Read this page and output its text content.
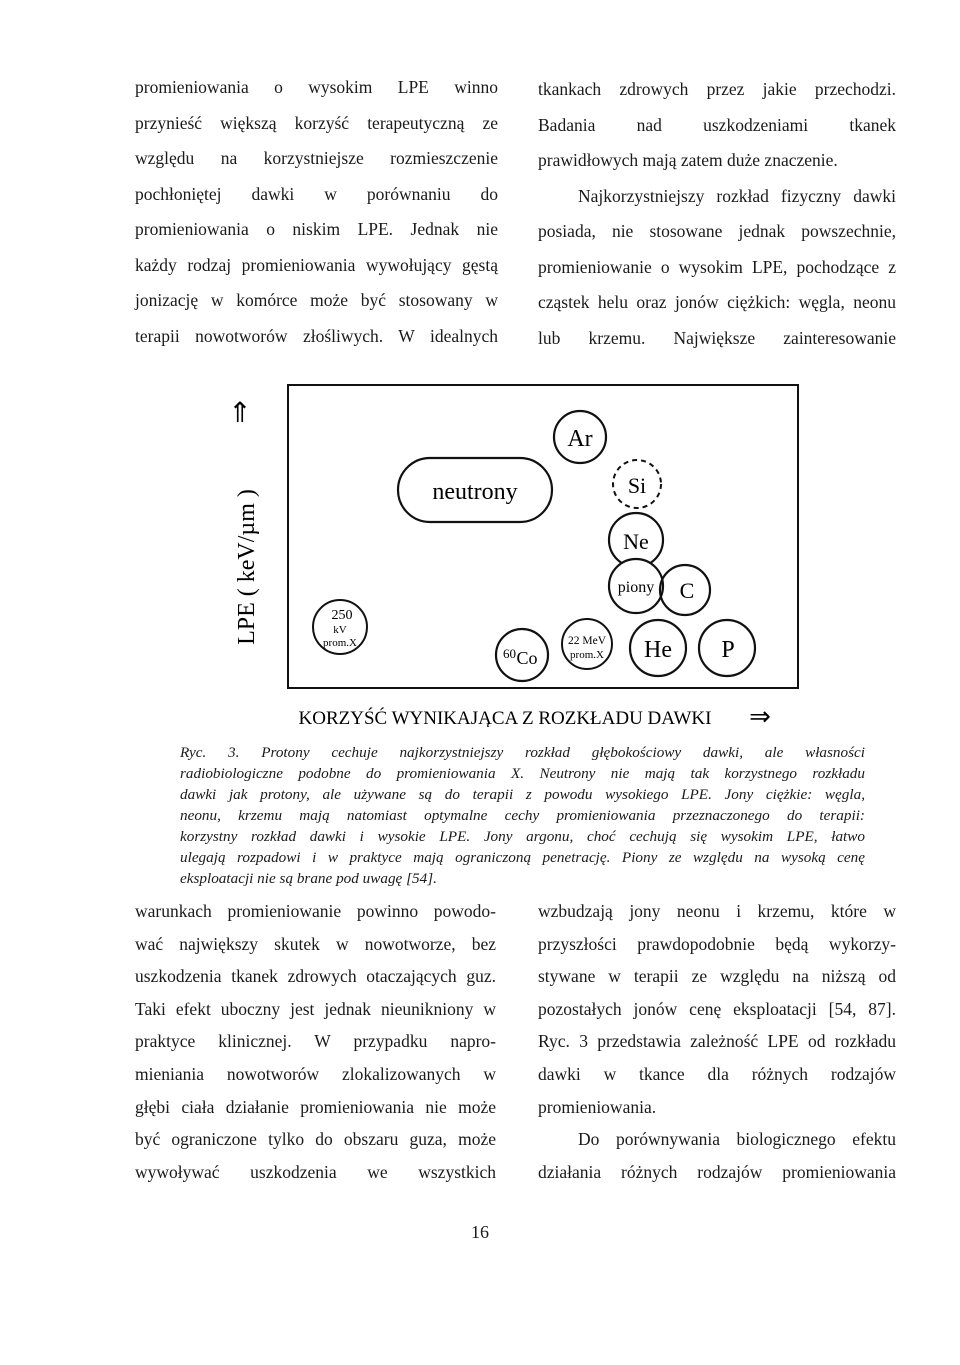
promieniowania o wysokim LPE winno
przynieść większą korzyść terapeutyczną ze
względu na korzystniejsze rozmieszczenie
pochłoniętej dawki w porównaniu do
promieniowania o niskim LPE. Jednak nie
każdy rodzaj promieniowania wywołujący gęstą
jonizację w komórce może być stosowany w
terapii nowotworów złośliwych. W idealnych
tkankach zdrowych przez jakie przechodzi.
Badania nad uszkodzeniami tkanek
prawidłowych mają zatem duże znaczenie.
Najkorzystniejszy rozkład fizyczny dawki
posiada, nie stosowane jednak powszechnie,
promieniowanie o wysokim LPE, pochodzące z
cząstek helu oraz jonów ciężkich: węgla, neonu
lub krzemu. Największe zainteresowanie
⇑
LPE ( keV/µm )	neutrony
Ar
Si
Ne
piony C
250
kV
prom.X
60 Co
22 MeV
prom.X He P
KORZYŚĆ WYNIKAJĄCA Z ROZKŁADU DAWKI ⇒
Ryc. 3. Protony cechuje najkorzystniejszy rozkład głębokościowy dawki, ale własności
radiobiologiczne podobne do promieniowania X. Neutrony nie mają tak korzystnego rozkładu
dawki jak protony, ale używane są do terapii z powodu wysokiego LPE. Jony ciężkie: węgla,
neonu, krzemu mają natomiast optymalne cechy promieniowania przeznaczonego do terapii:
korzystny rozkład dawki i wysokie LPE. Jony argonu, choć cechują się wysokim LPE, łatwo
ulegają rozpadowi i w praktyce mają ograniczoną penetrację. Piony ze względu na wysoką cenę
eksploatacji nie są brane pod uwagę [54].
warunkach promieniowanie powinno powodo-
wać największy skutek w nowotworze, bez
uszkodzenia tkanek zdrowych otaczających guz.
Taki efekt uboczny jest jednak nieunikniony w
praktyce klinicznej. W przypadku napro-
mieniania nowotworów zlokalizowanych w
głębi ciała działanie promieniowania nie może
być ograniczone tylko do obszaru guza, może
wywoływać uszkodzenia we wszystkich
wzbudzają jony neonu i krzemu, które w
przyszłości prawdopodobnie będą wykorzy-
stywane w terapii ze względu na niższą od
pozostałych jonów cenę eksploatacji [54, 87].
Ryc. 3 przedstawia zależność LPE od rozkładu
dawki w tkance dla różnych rodzajów
promieniowania.
Do porównywania biologicznego efektu
działania różnych rodzajów promieniowania
16
